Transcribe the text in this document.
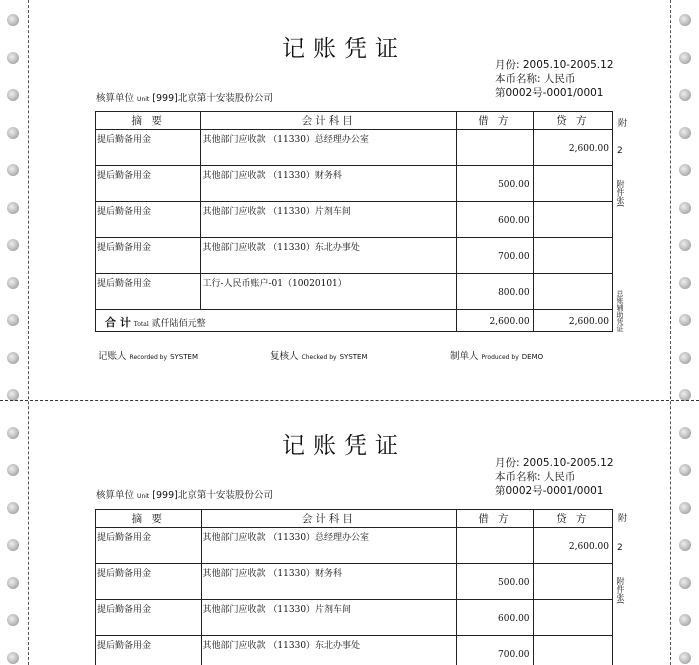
记账凭证
月份: 2005.10-2005.12
本币名称: 人民币
第0002号-0001/0001
核算单位 Unit [999]北京第十安装股份公司
摘 要	会计科目	借 方	贷 方
提后勤备用金	其他部门应收款 （11330）总经理办公室		2,600.00
提后勤备用金	其他部门应收款 （11330）财务科	500.00	
提后勤备用金	其他部门应收款 （11330）片剂车间	600.00	
提后勤备用金	其他部门应收款 （11330）东北办事处	700.00	
提后勤备用金	工行-人民币账户-01（10020101）	800.00	
合 计 Total 贰仟陆佰元整		2,600.00	2,600.00
附
2
附件张(
总账辅助凭证
记账人 Recorded by SYSTEM	复核人 Checked by SYSTEM	制单人 Produced by DEMO
记账凭证
月份: 2005.10-2005.12
本币名称: 人民币
第0002号-0001/0001
核算单位 Unit [999]北京第十安装股份公司
摘 要	会计科目	借 方	贷 方
提后勤备用金	其他部门应收款 （11330）总经理办公室		2,600.00
提后勤备用金	其他部门应收款 （11330）财务科	500.00	
提后勤备用金	其他部门应收款 （11330）片剂车间	600.00	
提后勤备用金	其他部门应收款 （11330）东北办事处	700.00	
附
2
附件张(
